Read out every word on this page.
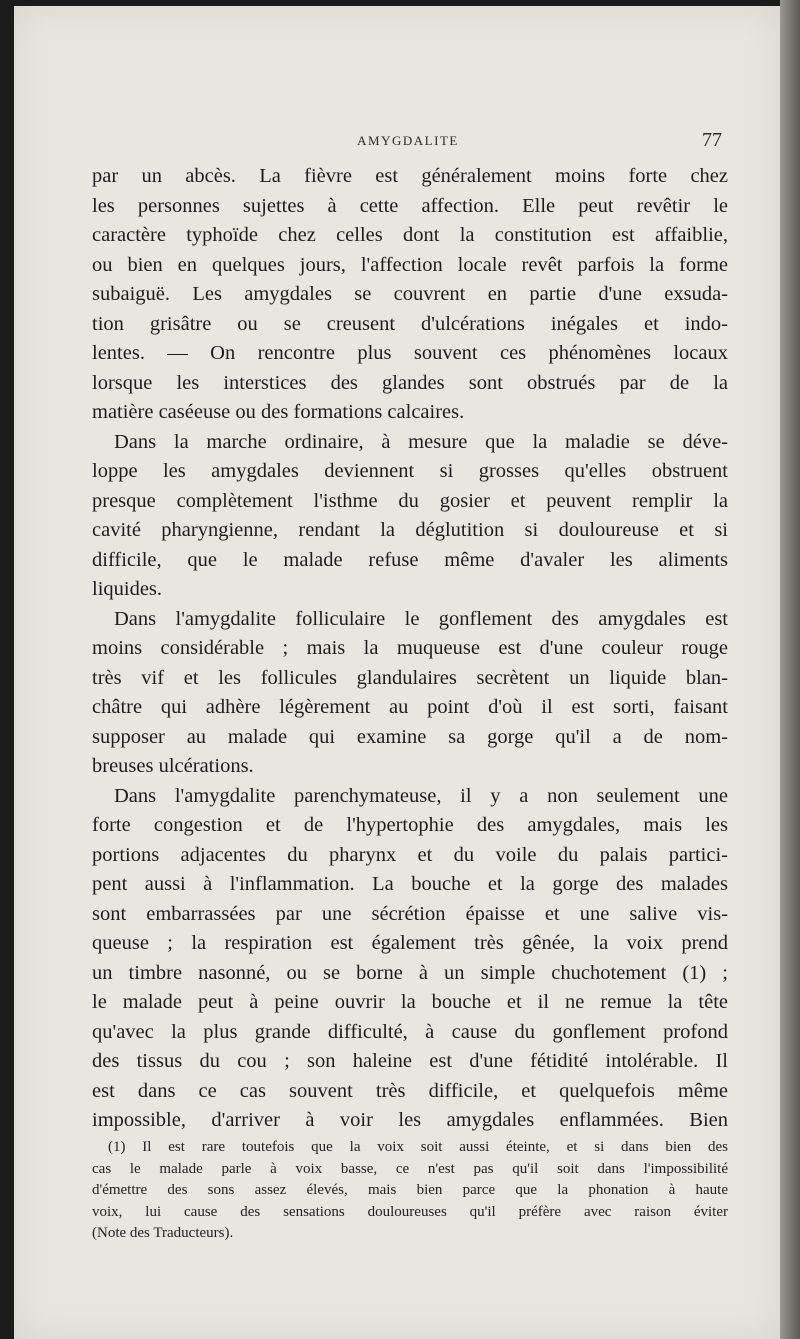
AMYGDALITE	77
par un abcès. La fièvre est généralement moins forte chez
les personnes sujettes à cette affection. Elle peut revêtir le
caractère typhoïde chez celles dont la constitution est affaiblie,
ou bien en quelques jours, l'affection locale revêt parfois la forme
subaiguë. Les amygdales se couvrent en partie d'une exsuda-
tion grisâtre ou se creusent d'ulcérations inégales et indo-
lentes. — On rencontre plus souvent ces phénomènes locaux
lorsque les interstices des glandes sont obstrués par de la
matière caséeuse ou des formations calcaires.
Dans la marche ordinaire, à mesure que la maladie se déve-
loppe les amygdales deviennent si grosses qu'elles obstruent
presque complètement l'isthme du gosier et peuvent remplir la
cavité pharyngienne, rendant la déglutition si douloureuse et si
difficile, que le malade refuse même d'avaler les aliments
liquides.
Dans l'amygdalite folliculaire le gonflement des amygdales est
moins considérable ; mais la muqueuse est d'une couleur rouge
très vif et les follicules glandulaires secrètent un liquide blan-
châtre qui adhère légèrement au point d'où il est sorti, faisant
supposer au malade qui examine sa gorge qu'il a de nom-
breuses ulcérations.
Dans l'amygdalite parenchymateuse, il y a non seulement une
forte congestion et de l'hypertophie des amygdales, mais les
portions adjacentes du pharynx et du voile du palais partici-
pent aussi à l'inflammation. La bouche et la gorge des malades
sont embarrassées par une sécrétion épaisse et une salive vis-
queuse ; la respiration est également très gênée, la voix prend
un timbre nasonné, ou se borne à un simple chuchotement (1) ;
le malade peut à peine ouvrir la bouche et il ne remue la tête
qu'avec la plus grande difficulté, à cause du gonflement profond
des tissus du cou ; son haleine est d'une fétidité intolérable. Il
est dans ce cas souvent très difficile, et quelquefois même
impossible, d'arriver à voir les amygdales enflammées. Bien
(1) Il est rare toutefois que la voix soit aussi éteinte, et si dans bien des
cas le malade parle à voix basse, ce n'est pas qu'il soit dans l'impossibilité
d'émettre des sons assez élevés, mais bien parce que la phonation à haute
voix, lui cause des sensations douloureuses qu'il préfère avec raison éviter
(Note des Traducteurs).
